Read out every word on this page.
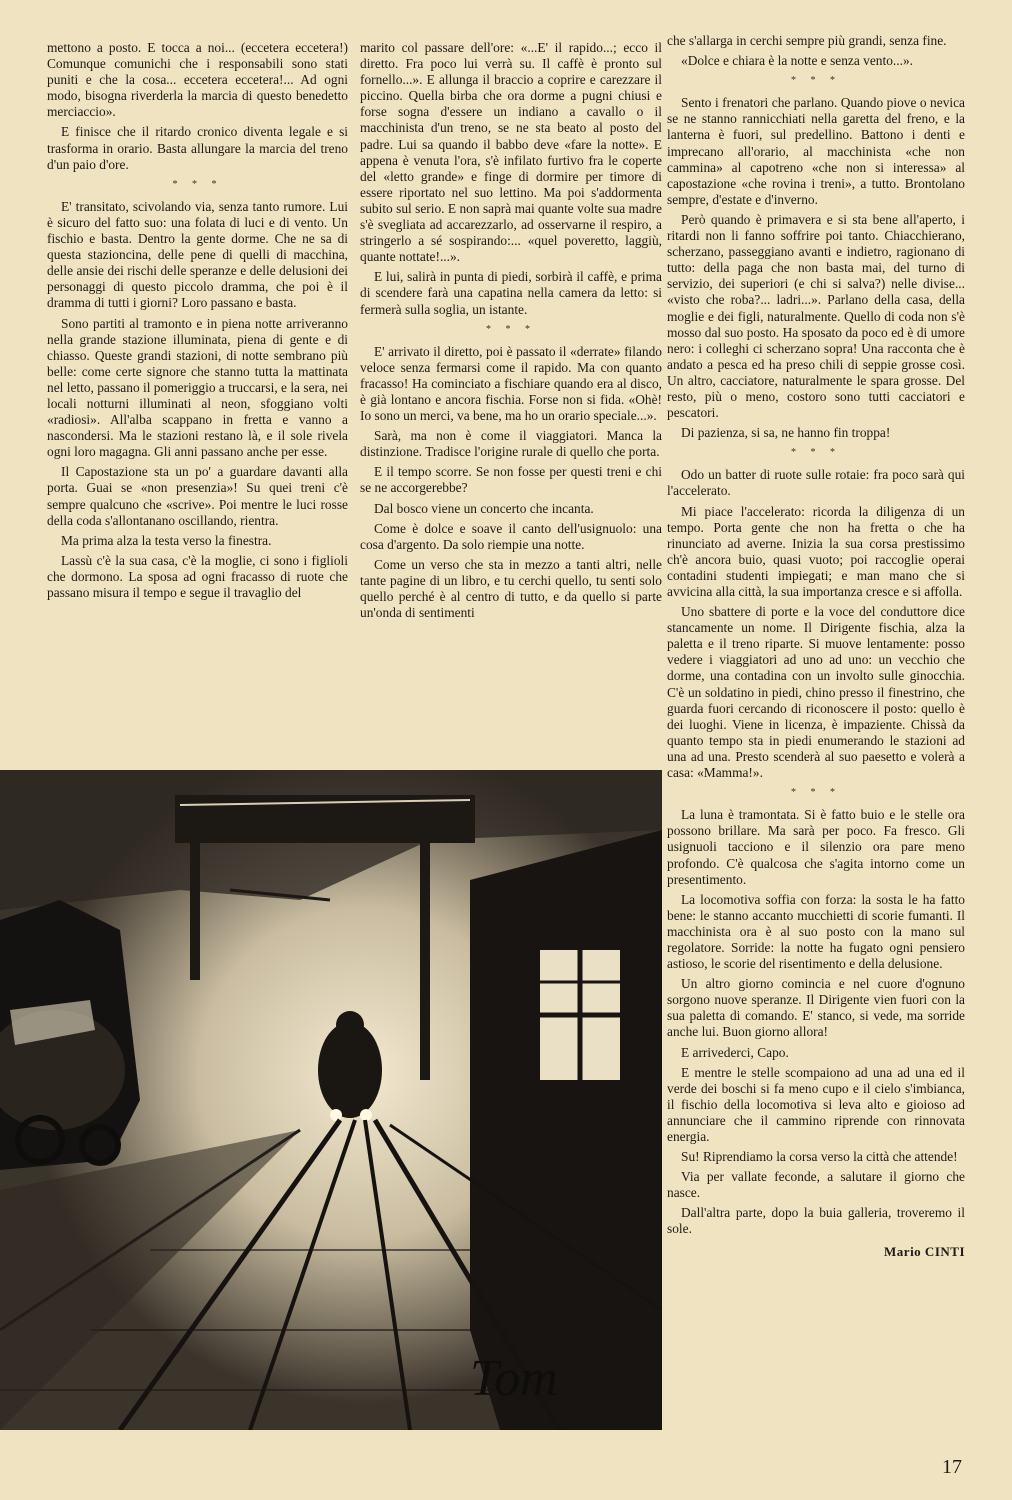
mettono a posto. E tocca a noi... (eccetera eccetera!) Comunque comunichi che i responsabili sono stati puniti e che la cosa... eccetera eccetera!... Ad ogni modo, bisogna riverderla la marcia di questo benedetto merciaccio».

E finisce che il ritardo cronico diventa legale e si trasforma in orario. Basta allungare la marcia del treno d'un paio d'ore.

* * *

E' transitato, scivolando via, senza tanto rumore. Lui è sicuro del fatto suo: una folata di luci e di vento. Un fischio e basta. Dentro la gente dorme. Che ne sa di questa stazioncina, delle pene di quelli di macchina, delle ansie dei rischi delle speranze e delle delusioni dei personaggi di questo piccolo dramma, che poi è il dramma di tutti i giorni? Loro passano e basta.

Sono partiti al tramonto e in piena notte arriveranno nella grande stazione illuminata, piena di gente e di chiasso. Queste grandi stazioni, di notte sembrano più belle: come certe signore che stanno tutta la mattinata nel letto, passano il pomeriggio a truccarsi, e la sera, nei locali notturni illuminati al neon, sfoggiano volti «radiosi». All'alba scappano in fretta e vanno a nascondersi. Ma le stazioni restano là, e il sole rivela ogni loro magagna. Gli anni passano anche per esse.

Il Capostazione sta un po' a guardare davanti alla porta. Guai se «non presenzia»! Su quei treni c'è sempre qualcuno che «scrive». Poi mentre le luci rosse della coda s'allontanano oscillando, rientra.

Ma prima alza la testa verso la finestra.

Lassù c'è la sua casa, c'è la moglie, ci sono i figlioli che dormono. La sposa ad ogni fracasso di ruote che passano misura il tempo e segue il travaglio del

marito col passare dell'ore: «...E' il rapido...; ecco il diretto. Fra poco lui verrà su. Il caffè è pronto sul fornello...». E allunga il braccio a coprire e carezzare il piccino. Quella birba che ora dorme a pugni chiusi e forse sogna d'essere un indiano a cavallo o il macchinista d'un treno, se ne sta beato al posto del padre. Lui sa quando il babbo deve «fare la notte». E appena è venuta l'ora, s'è infilato furtivo fra le coperte del «letto grande» e finge di dormire per timore di essere riportato nel suo lettino. Ma poi s'addormenta subito sul serio. E non saprà mai quante volte sua madre s'è svegliata ad accarezzarlo, ad osservarne il respiro, a stringerlo a sé sospirando:... «quel poveretto, laggiù, quante nottate!...».

E lui, salirà in punta di piedi, sorbirà il caffè, e prima di scendere farà una capatina nella camera da letto: si fermerà sulla soglia, un istante.

* * *

E' arrivato il diretto, poi è passato il «derrate» filando veloce senza fermarsi come il rapido. Ma con quanto fracasso! Ha cominciato a fischiare quando era al disco, è già lontano e ancora fischia. Forse non si fida. «Ohè! Io sono un merci, va bene, ma ho un orario speciale...».

Sarà, ma non è come il viaggiatori. Manca la distinzione. Tradisce l'origine rurale di quello che porta.

E il tempo scorre. Se non fosse per questi treni e chi se ne accorgerebbe?

Dal bosco viene un concerto che incanta.

Come è dolce e soave il canto dell'usignuolo: una cosa d'argento. Da solo riempie una notte.

Come un verso che sta in mezzo a tanti altri, nelle tante pagine di un libro, e tu cerchi quello, tu senti solo quello perché è al centro di tutto, e da quello si parte un'onda di sentimenti

che s'allarga in cerchi sempre più grandi, senza fine.

«Dolce e chiara è la notte e senza vento...».

* * *

Sento i frenatori che parlano. Quando piove o nevica se ne stanno rannicchiati nella garetta del freno, e la lanterna è fuori, sul predellino. Battono i denti e imprecano all'orario, al macchinista «che non cammina» al capotreno «che non si interessa» al capostazione «che rovina i treni», a tutto. Brontolano sempre, d'estate e d'inverno.

Però quando è primavera e si sta bene all'aperto, i ritardi non li fanno soffrire poi tanto. Chiacchierano, scherzano, passeggiano avanti e indietro, ragionano di tutto: della paga che non basta mai, del turno di servizio, dei superiori (e chi si salva?) nelle divise... «visto che roba?... ladri...». Parlano della casa, della moglie e dei figli, naturalmente. Quello di coda non s'è mosso dal suo posto. Ha sposato da poco ed è di umore nero: i colleghi ci scherzano sopra! Una racconta che è andato a pesca ed ha preso chili di seppie grosse così. Un altro, cacciatore, naturalmente le spara grosse. Del resto, più o meno, costoro sono tutti cacciatori e pescatori.

Di pazienza, si sa, ne hanno fin troppa!

* * *

Odo un batter di ruote sulle rotaie: fra poco sarà qui l'accelerato.

Mi piace l'accelerato: ricorda la diligenza di un tempo. Porta gente che non ha fretta o che ha rinunciato ad averne. Inizia la sua corsa prestissimo ch'è ancora buio, quasi vuoto; poi raccoglie operai contadini studenti impiegati; e man mano che si avvicina alla città, la sua importanza cresce e si affolla.

Uno sbattere di porte e la voce del conduttore dice stancamente un nome. Il Dirigente fischia, alza la paletta e il treno riparte. Si muove lentamente: posso vedere i viaggiatori ad uno ad uno: un vecchio che dorme, una contadina con un involto sulle ginocchia. C'è un soldatino in piedi, chino presso il finestrino, che guarda fuori cercando di riconoscere il posto: quello è dei luoghi. Viene in licenza, è impaziente. Chissà da quanto tempo sta in piedi enumerando le stazioni ad una ad una. Presto scenderà al suo paesetto e volerà a casa: «Mamma!».

* * *

La luna è tramontata. Si è fatto buio e le stelle ora possono brillare. Ma sarà per poco. Fa fresco. Gli usignuoli tacciono e il silenzio ora pare meno profondo. C'è qualcosa che s'agita intorno come un presentimento.

La locomotiva soffia con forza: la sosta le ha fatto bene: le stanno accanto mucchietti di scorie fumanti. Il macchinista ora è al suo posto con la mano sul regolatore. Sorride: la notte ha fugato ogni pensiero astioso, le scorie del risentimento e della delusione.

Un altro giorno comincia e nel cuore d'ognuno sorgono nuove speranze. Il Dirigente vien fuori con la sua paletta di comando. E' stanco, si vede, ma sorride anche lui. Buon giorno allora!

E arrivederci, Capo.

E mentre le stelle scompaiono ad una ad una ed il verde dei boschi si fa meno cupo e il cielo s'imbianca, il fischio della locomotiva si leva alto e gioioso ad annunciare che il cammino riprende con rinnovata energia.

Su! Riprendiamo la corsa verso la città che attende!

Via per vallate feconde, a salutare il giorno che nasce.

Dall'altra parte, dopo la buia galleria, troveremo il sole.

Mario CINTI
Tom
17
